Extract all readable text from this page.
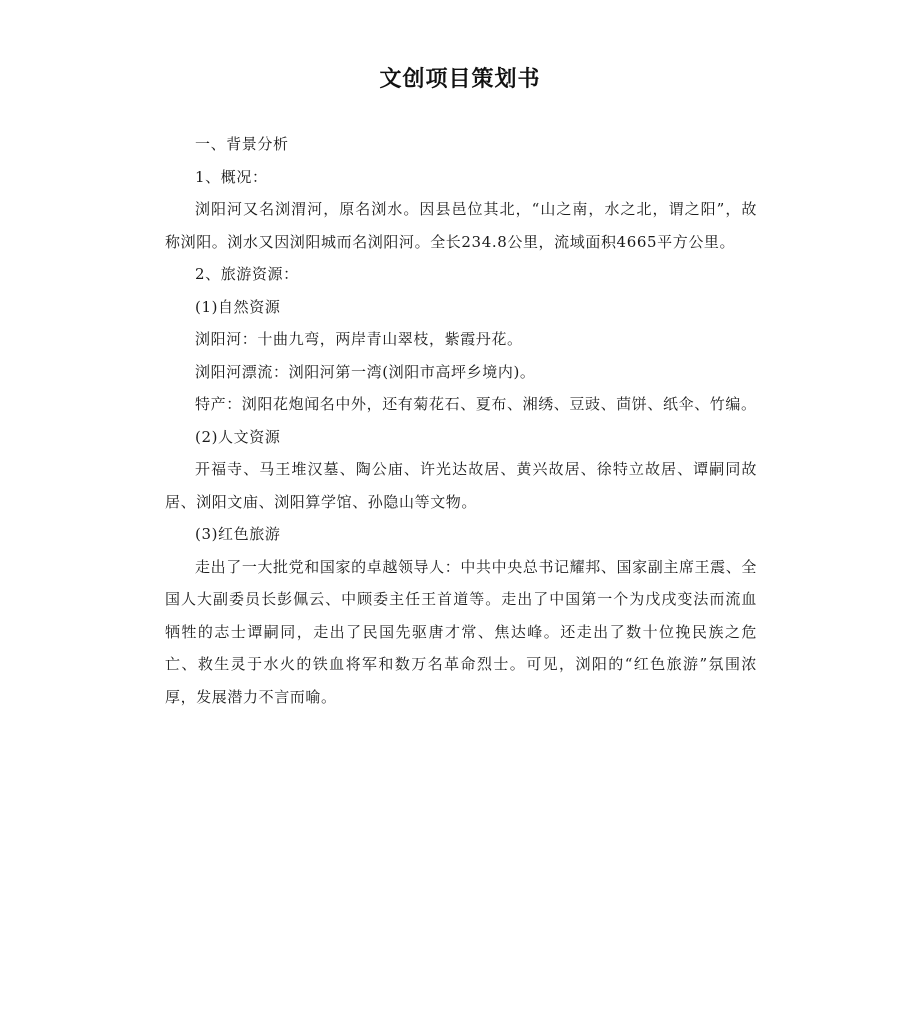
文创项目策划书

一、背景分析

1、概况：

浏阳河又名浏渭河，原名浏水。因县邑位其北，“山之南，水之北，谓之阳”，故称浏阳。浏水又因浏阳城而名浏阳河。全长234.8公里，流域面积4665平方公里。

2、旅游资源：

(1)自然资源

浏阳河：十曲九弯，两岸青山翠枝，紫霞丹花。

浏阳河漂流：浏阳河第一湾(浏阳市高坪乡境内)。

特产：浏阳花炮闻名中外，还有菊花石、夏布、湘绣、豆豉、茴饼、纸伞、竹编。

(2)人文资源

开福寺、马王堆汉墓、陶公庙、许光达故居、黄兴故居、徐特立故居、谭嗣同故居、浏阳文庙、浏阳算学馆、孙隐山等文物。

(3)红色旅游

走出了一大批党和国家的卓越领导人：中共中央总书记耀邦、国家副主席王震、全国人大副委员长彭佩云、中顾委主任王首道等。走出了中国第一个为戊戌变法而流血牺牲的志士谭嗣同，走出了民国先驱唐才常、焦达峰。还走出了数十位挽民族之危亡、救生灵于水火的铁血将军和数万名革命烈士。可见，浏阳的“红色旅游”氛围浓厚，发展潜力不言而喻。
